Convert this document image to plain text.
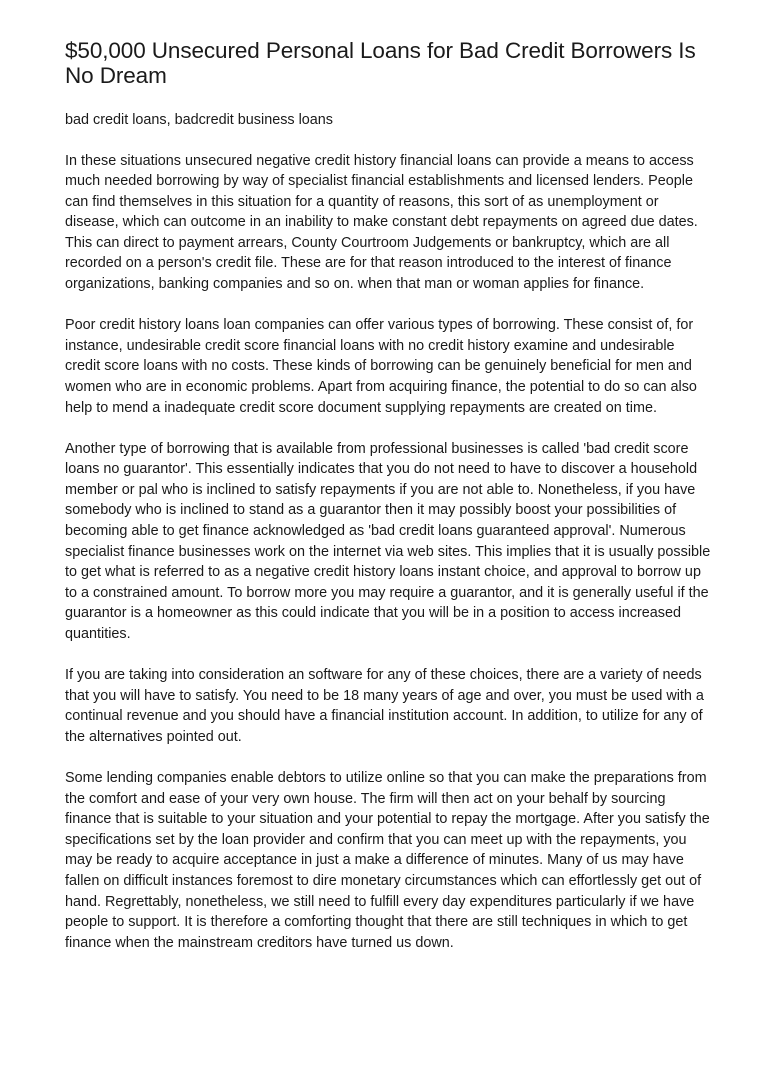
$50,000 Unsecured Personal Loans for Bad Credit Borrowers Is No Dream

bad credit loans, badcredit business loans

In these situations unsecured negative credit history financial loans can provide a means to access much needed borrowing by way of specialist financial establishments and licensed lenders. People can find themselves in this situation for a quantity of reasons, this sort of as unemployment or disease, which can outcome in an inability to make constant debt repayments on agreed due dates. This can direct to payment arrears, County Courtroom Judgements or bankruptcy, which are all recorded on a person's credit file. These are for that reason introduced to the interest of finance organizations, banking companies and so on. when that man or woman applies for finance.

Poor credit history loans loan companies can offer various types of borrowing. These consist of, for instance, undesirable credit score financial loans with no credit history examine and undesirable credit score loans with no costs. These kinds of borrowing can be genuinely beneficial for men and women who are in economic problems. Apart from acquiring finance, the potential to do so can also help to mend a inadequate credit score document supplying repayments are created on time.

Another type of borrowing that is available from professional businesses is called 'bad credit score loans no guarantor'. This essentially indicates that you do not need to have to discover a household member or pal who is inclined to satisfy repayments if you are not able to. Nonetheless, if you have somebody who is inclined to stand as a guarantor then it may possibly boost your possibilities of becoming able to get finance acknowledged as 'bad credit loans guaranteed approval'. Numerous specialist finance businesses work on the internet via web sites. This implies that it is usually possible to get what is referred to as a negative credit history loans instant choice, and approval to borrow up to a constrained amount. To borrow more you may require a guarantor, and it is generally useful if the guarantor is a homeowner as this could indicate that you will be in a position to access increased quantities.

If you are taking into consideration an software for any of these choices, there are a variety of needs that you will have to satisfy. You need to be 18 many years of age and over, you must be used with a continual revenue and you should have a financial institution account. In addition, to utilize for any of the alternatives pointed out.

Some lending companies enable debtors to utilize online so that you can make the preparations from the comfort and ease of your very own house. The firm will then act on your behalf by sourcing finance that is suitable to your situation and your potential to repay the mortgage. After you satisfy the specifications set by the loan provider and confirm that you can meet up with the repayments, you may be ready to acquire acceptance in just a make a difference of minutes. Many of us may have fallen on difficult instances foremost to dire monetary circumstances which can effortlessly get out of hand. Regrettably, nonetheless, we still need to fulfill every day expenditures particularly if we have people to support. It is therefore a comforting thought that there are still techniques in which to get finance when the mainstream creditors have turned us down.
